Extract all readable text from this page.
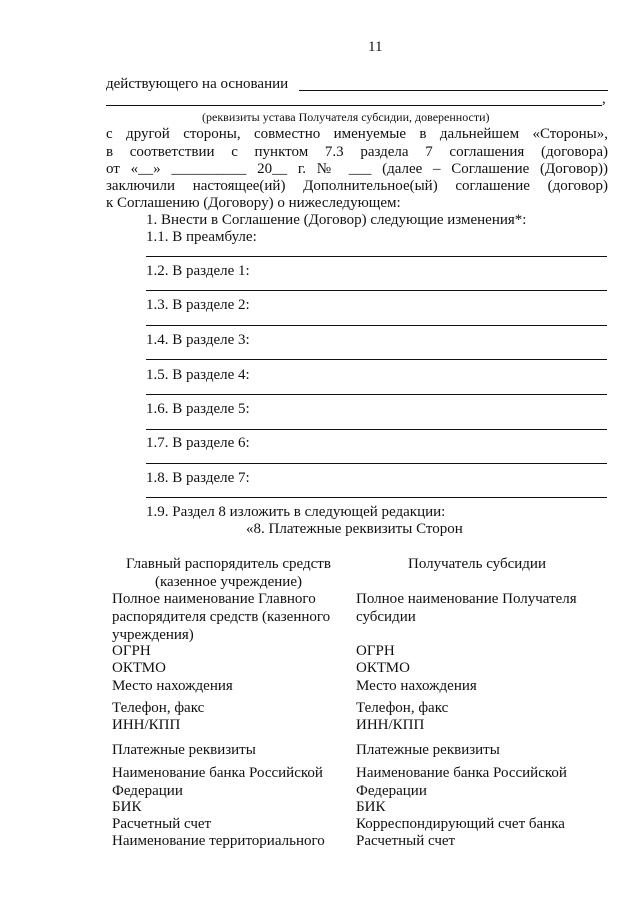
11
действующего на основании
,
(реквизиты устава Получателя субсидии, доверенности)
с другой стороны, совместно именуемые в дальнейшем «Стороны»,
в соответствии с пунктом 7.3 раздела 7 соглашения (договора)
от «__» __________ 20__ г. № ___ (далее – Соглашение (Договор))
заключили настоящее(ий) Дополнительное(ый) соглашение (договор)
к Соглашению (Договору) о нижеследующем:
1. Внести в Соглашение (Договор) следующие изменения*:
1.1. В преамбуле:
1.2. В разделе 1:
1.3. В разделе 2:
1.4. В разделе 3:
1.5. В разделе 4:
1.6. В разделе 5:
1.7. В разделе 6:
1.8. В разделе 7:
1.9. Раздел 8 изложить в следующей редакции:
«8. Платежные реквизиты Сторон
Главный распорядитель средств (казенное учреждение)
Полное наименование Главного распорядителя средств (казенного учреждения)
ОГРН
ОКТМО
Место нахождения
Телефон, факс
ИНН/КПП
Платежные реквизиты
Наименование банка Российской Федерации
БИК
Расчетный счет
Наименование территориального
Получатель субсидии
Полное наименование Получателя субсидии
ОГРН
ОКТМО
Место нахождения
Телефон, факс
ИНН/КПП
Платежные реквизиты
Наименование банка Российской Федерации
БИК
Корреспондирующий счет банка
Расчетный счет
